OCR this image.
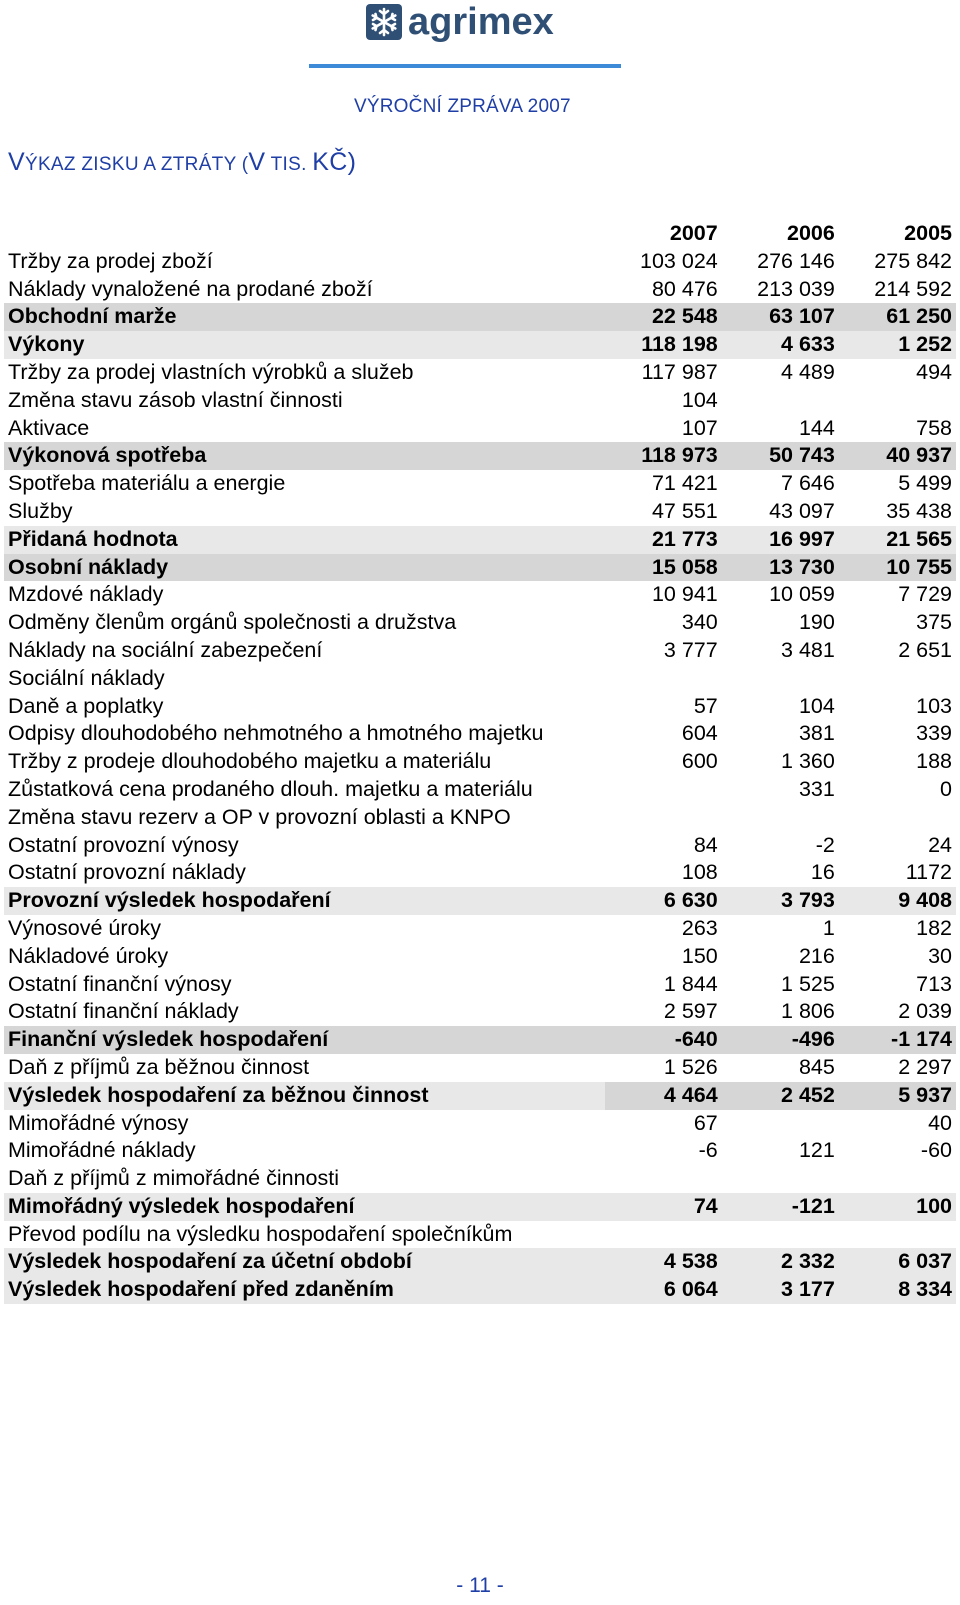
agrimex
VÝROČNÍ ZPRÁVA 2007
VÝKAZ ZISKU A ZTRÁTY (V TIS. KČ)
	2007	2006	2005
Tržby za prodej zboží	103 024	276 146	275 842
Náklady vynaložené na prodané zboží	80 476	213 039	214 592
Obchodní marže	22 548	63 107	61 250
Výkony	118 198	4 633	1 252
Tržby za prodej vlastních výrobků a služeb	117 987	4 489	494
Změna stavu zásob vlastní činnosti	104		
Aktivace	107	144	758
Výkonová spotřeba	118 973	50 743	40 937
Spotřeba materiálu a energie	71 421	7 646	5 499
Služby	47 551	43 097	35 438
Přidaná hodnota	21 773	16 997	21 565
Osobní náklady	15 058	13 730	10 755
Mzdové náklady	10 941	10 059	7 729
Odměny členům orgánů společnosti a družstva	340	190	375
Náklady na sociální zabezpečení	3 777	3 481	2 651
Sociální náklady			
Daně a poplatky	57	104	103
Odpisy dlouhodobého nehmotného a hmotného majetku	604	381	339
Tržby z prodeje dlouhodobého majetku a materiálu	600	1 360	188
Zůstatková cena prodaného dlouh. majetku a materiálu		331	0
Změna stavu rezerv a OP v provozní oblasti a KNPO			
Ostatní provozní výnosy	84	-2	24
Ostatní provozní náklady	108	16	1172
Provozní výsledek hospodaření	6 630	3 793	9 408
Výnosové úroky	263	1	182
Nákladové úroky	150	216	30
Ostatní finanční výnosy	1 844	1 525	713
Ostatní finanční náklady	2 597	1 806	2 039
Finanční výsledek hospodaření	-640	-496	-1 174
Daň z příjmů za běžnou činnost	1 526	845	2 297
Výsledek hospodaření za běžnou činnost	4 464	2 452	5 937
Mimořádné výnosy	67		40
Mimořádné náklady	-6	121	-60
Daň z příjmů z mimořádné činnosti			
Mimořádný výsledek hospodaření	74	-121	100
Převod podílu na výsledku hospodaření společníkům			
Výsledek hospodaření za účetní období	4 538	2 332	6 037
Výsledek hospodaření před zdaněním	6 064	3 177	8 334
- 11 -
